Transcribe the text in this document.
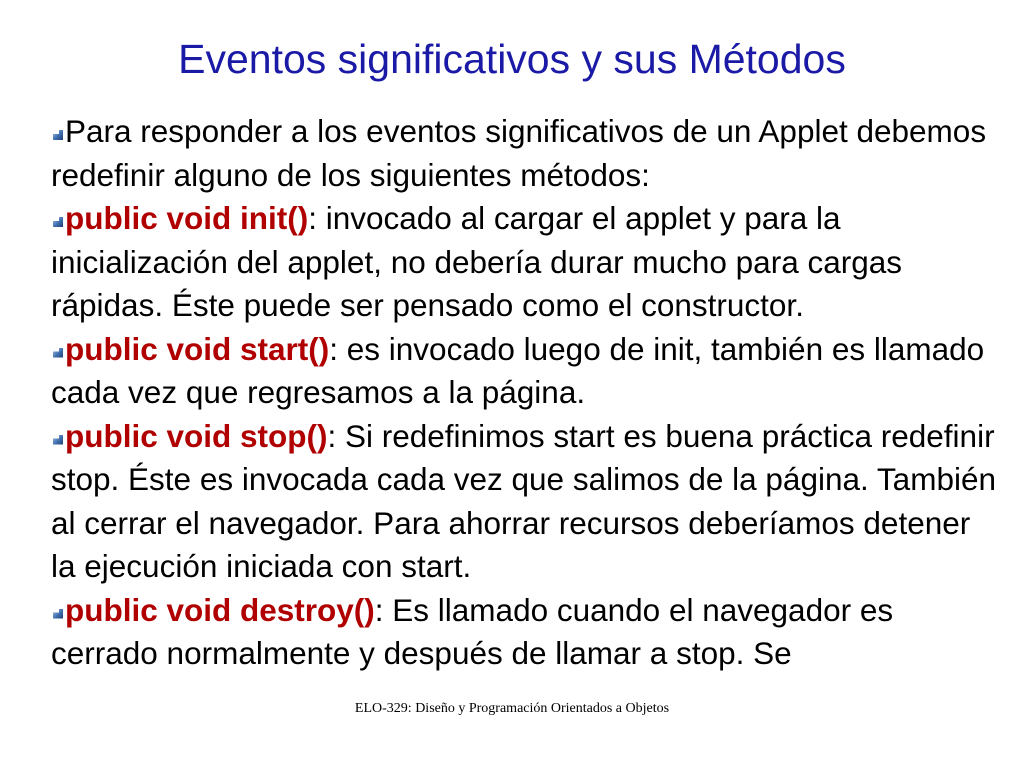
Eventos significativos y sus Métodos

Para responder a los eventos significativos de un Applet debemos redefinir alguno de los siguientes métodos:

public void init(): invocado al cargar el applet y para la inicialización del applet, no debería durar mucho para cargas rápidas. Éste puede ser pensado como el constructor.

public void start(): es invocado luego de init, también es llamado cada vez que regresamos a la página.

public void stop(): Si redefinimos start es buena práctica redefinir stop. Éste es invocada cada vez que salimos de la página. También al cerrar el navegador. Para ahorrar recursos deberíamos detener la ejecución iniciada con start.

public void destroy(): Es llamado cuando el navegador es cerrado normalmente y después de llamar a stop. Se

ELO-329: Diseño y Programación Orientados a Objetos
